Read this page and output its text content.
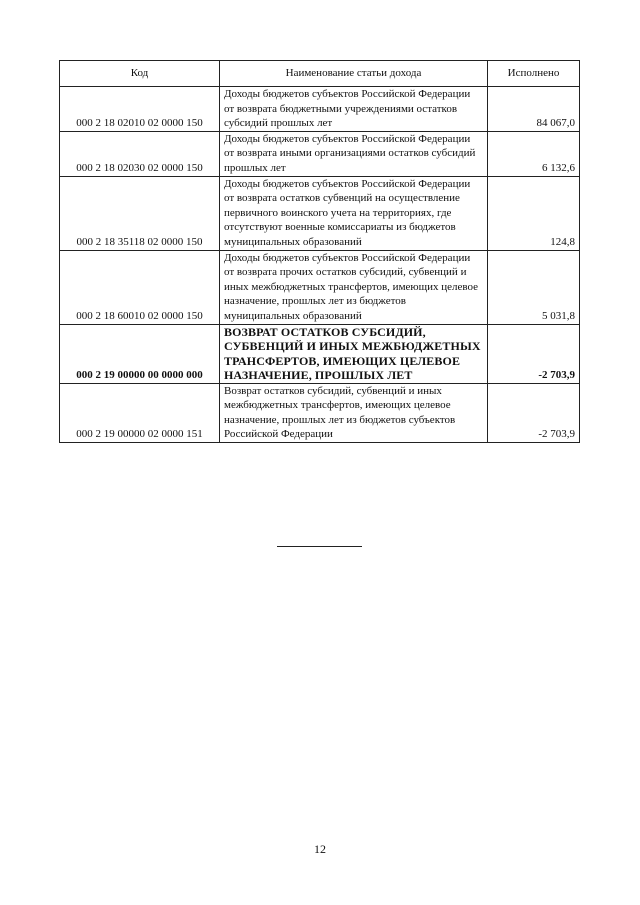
Код	Наименование статьи дохода	Исполнено
000 2 18 02010 02 0000 150	Доходы бюджетов субъектов Российской Федерации от возврата бюджетными учреждениями остатков субсидий прошлых лет	84 067,0
000 2 18 02030 02 0000 150	Доходы бюджетов субъектов Российской Федерации от возврата иными организациями остатков субсидий прошлых лет	6 132,6
000 2 18 35118 02 0000 150	Доходы бюджетов субъектов Российской Федерации от возврата остатков субвенций на осуществление первичного воинского учета на территориях, где отсутствуют военные комиссариаты из бюджетов муниципальных образований	124,8
000 2 18 60010 02 0000 150	Доходы бюджетов субъектов Российской Федерации от возврата прочих остатков субсидий, субвенций и иных межбюджетных трансфертов, имеющих целевое назначение, прошлых лет из бюджетов муниципальных образований	5 031,8
000 2 19 00000 00 0000 000	ВОЗВРАТ ОСТАТКОВ СУБСИДИЙ, СУБВЕНЦИЙ И ИНЫХ МЕЖБЮДЖЕТНЫХ ТРАНСФЕРТОВ, ИМЕЮЩИХ ЦЕЛЕВОЕ НАЗНАЧЕНИЕ, ПРОШЛЫХ ЛЕТ	-2 703,9
000 2 19 00000 02 0000 151	Возврат остатков субсидий, субвенций и иных межбюджетных трансфертов, имеющих целевое назначение, прошлых лет из бюджетов субъектов Российской Федерации	-2 703,9
12
